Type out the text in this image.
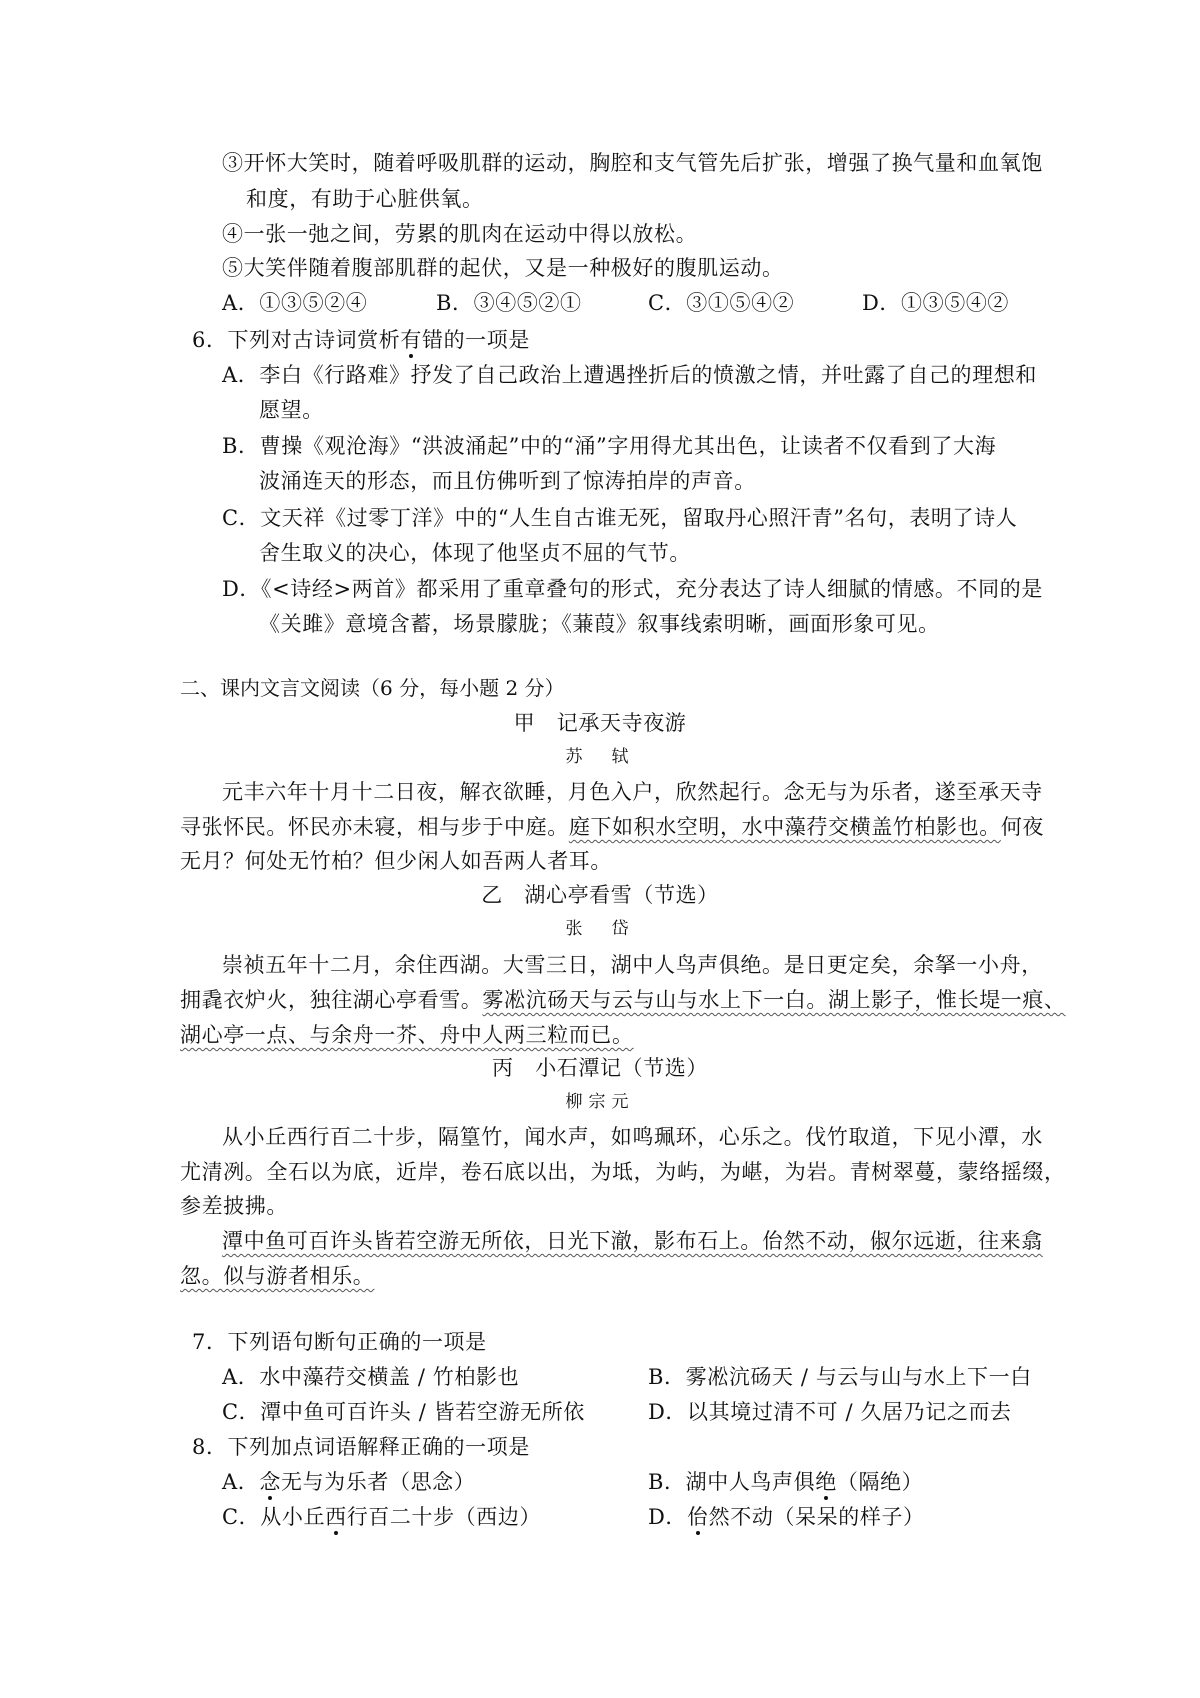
③开怀大笑时，随着呼吸肌群的运动，胸腔和支气管先后扩张，增强了换气量和血氧饱
和度，有助于心脏供氧。
④一张一弛之间，劳累的肌肉在运动中得以放松。
⑤大笑伴随着腹部肌群的起伏，又是一种极好的腹肌运动。
A．①③⑤②④	B．③④⑤②①	C．③①⑤④②	D．①③⑤④②
6．下列对古诗词赏析有错的一项是
A．李白《行路难》抒发了自己政治上遭遇挫折后的愤激之情，并吐露了自己的理想和
愿望。
B．曹操《观沧海》“洪波涌起”中的“涌”字用得尤其出色，让读者不仅看到了大海
波涌连天的形态，而且仿佛听到了惊涛拍岸的声音。
C．文天祥《过零丁洋》中的“人生自古谁无死，留取丹心照汗青”名句，表明了诗人
舍生取义的决心，体现了他坚贞不屈的气节。
D．《<诗经>两首》都采用了重章叠句的形式，充分表达了诗人细腻的情感。不同的是
《关雎》意境含蓄，场景朦胧；《蒹葭》叙事线索明晰，画面形象可见。
二、课内文言文阅读（6 分，每小题 2 分）
甲　记承天寺夜游
苏　轼
元丰六年十月十二日夜，解衣欲睡，月色入户，欣然起行。念无与为乐者，遂至承天寺
寻张怀民。怀民亦未寝，相与步于中庭。庭下如积水空明，水中藻荇交横盖竹柏影也。何夜
无月？何处无竹柏？但少闲人如吾两人者耳。
乙　湖心亭看雪（节选）
张　岱
崇祯五年十二月，余住西湖。大雪三日，湖中人鸟声俱绝。是日更定矣，余拏一小舟，
拥毳衣炉火，独往湖心亭看雪。雾凇沆砀天与云与山与水上下一白。湖上影子，惟长堤一痕、
湖心亭一点、与余舟一芥、舟中人两三粒而已。
丙　小石潭记（节选）
柳宗元
从小丘西行百二十步，隔篁竹，闻水声，如鸣珮环，心乐之。伐竹取道，下见小潭，水
尤清冽。全石以为底，近岸，卷石底以出，为坻，为屿，为嵁，为岩。青树翠蔓，蒙络摇缀，
参差披拂。
潭中鱼可百许头皆若空游无所依，日光下澈，影布石上。佁然不动，俶尔远逝，往来翕
忽。似与游者相乐。
7．下列语句断句正确的一项是
A．水中藻荇交横盖 / 竹柏影也	B．雾凇沆砀天 / 与云与山与水上下一白
C．潭中鱼可百许头 / 皆若空游无所依	D．以其境过清不可 / 久居乃记之而去
8．下列加点词语解释正确的一项是
A．念无与为乐者（思念）	B．湖中人鸟声俱绝（隔绝）
C．从小丘西行百二十步（西边）	D．佁然不动（呆呆的样子）
